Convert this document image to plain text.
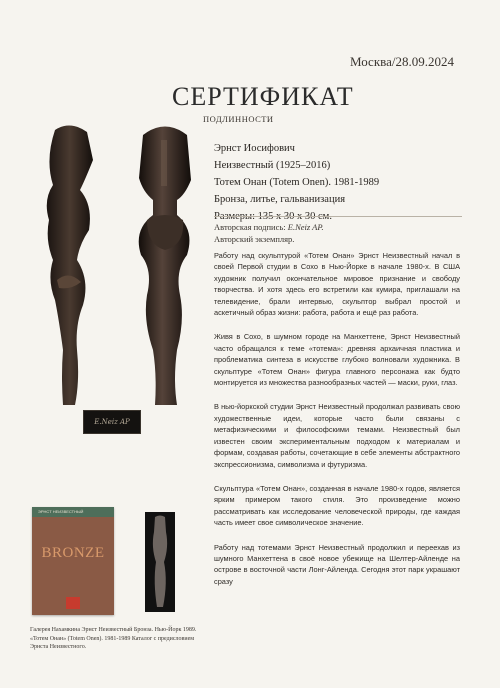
Москва/28.09.2024
СЕРТИФИКАТ
ПОДЛИННОСТИ
E.Neiz AP
Эрнст Иосифович
Неизвестный (1925–2016)
Тотем Онан (Totem Onen). 1981-1989
Бронза, литье, гальванизация
Авторская подпись: E.Neiz AP.
Авторский экземпляр.

Работу над скульптурой «Тотем Онан» Эрнст Неизвестный начал в своей Первой студии в Сохо в Нью-Йорке в начале 1980-х. В США художник получил окончательное мировое признание и свободу творчества. И хотя здесь его встретили как кумира, приглашали на телевидение, брали интервью, скульптор выбрал простой и аскетичный образ жизни: работа, работа и ещё раз работа.

Живя в Сохо, в шумном городе на Манхеттене, Эрнст Неизвестный часто обращался к теме «тотема»: древняя архаичная пластика и проблематика синтеза в искусстве глубоко волновали художника. В скульптуре «Тотем Онан» фигура главного персонажа как будто монтируется из множества разнообразных частей — маски, руки, глаз.

В нью-йоркской студии Эрнст Неизвестный продолжал развивать свою художественные идеи, которые часто были связаны с метафизическими и философскими темами. Неизвестный был известен своим экспериментальным подходом к материалам и формам, создавая работы, сочетающие в себе элементы абстрактного экспрессионизма, символизма и футуризма.

Скульптура «Тотем Онан», созданная в начале 1980-х годов, является ярким примером такого стиля. Это произведение можно рассматривать как исследование человеческой природы, где каждая часть имеет свое символическое значение.

Работу над тотемами Эрнст Неизвестный продолжил и переехав из шумного Манхеттена в своё новое убежище на Шелтер-Айленде на острове в восточной части Лонг-Айленда. Сегодня этот парк украшают сразу

ЭРНСТ НЕИЗВЕСТНЫЙ
BRONZE
Галерея Нахамкина Эрнст Неизвестный Бронза. Нью-Йорк 1989. «Тотем Онан» (Totem Onen). 1981-1989 Каталог с предисловием Эрнста Неизвестного.
